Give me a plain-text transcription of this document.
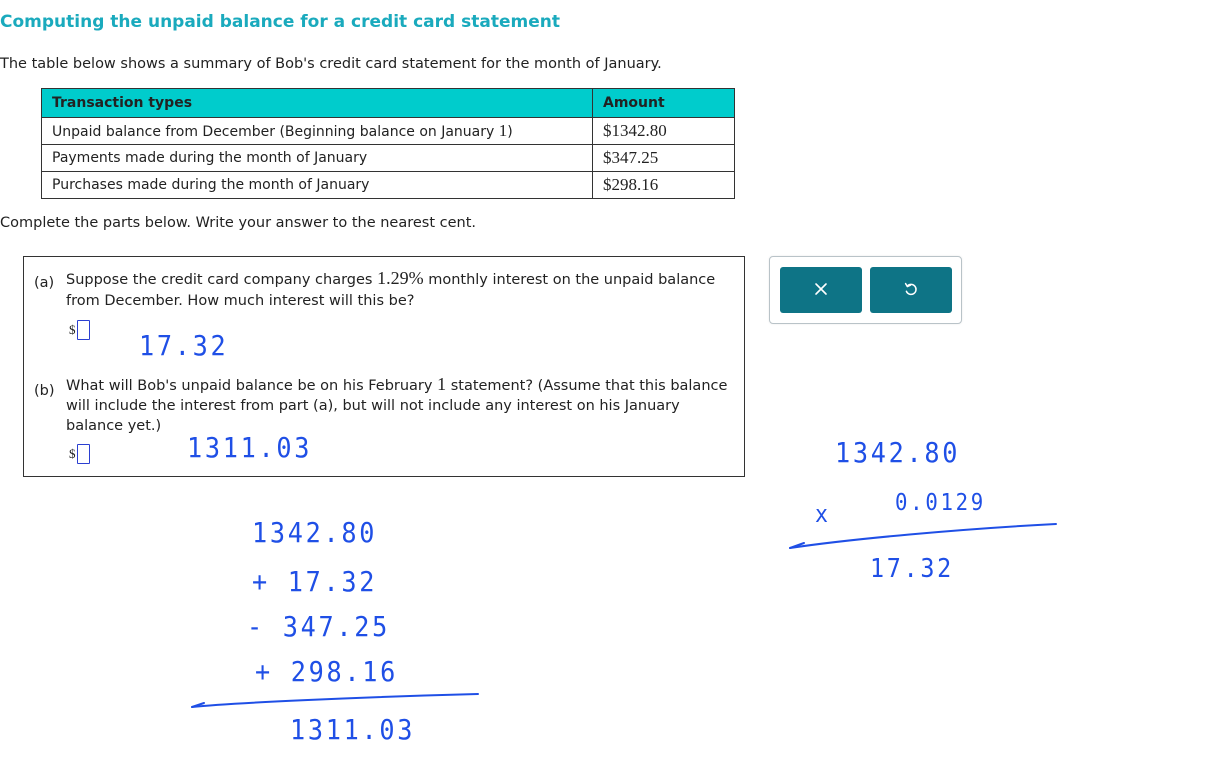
Computing the unpaid balance for a credit card statement
The table below shows a summary of Bob's credit card statement for the month of January.
Transaction types	Amount
Unpaid balance from December (Beginning balance on January 1)	$1342.80
Payments made during the month of January	$347.25
Purchases made during the month of January	$298.16
Complete the parts below. Write your answer to the nearest cent.
(a) Suppose the credit card company charges 1.29% monthly interest on the unpaid balance
from December. How much interest will this be?
$
(b) What will Bob's unpaid balance be on his February 1 statement? (Assume that this balance
will include the interest from part (a), but will not include any interest on his January
balance yet.)
$
17.32
1311.03
1342.80
+ 17.32
- 347.25
+ 298.16
1311.03
1342.80
x	0.0129
17.32
